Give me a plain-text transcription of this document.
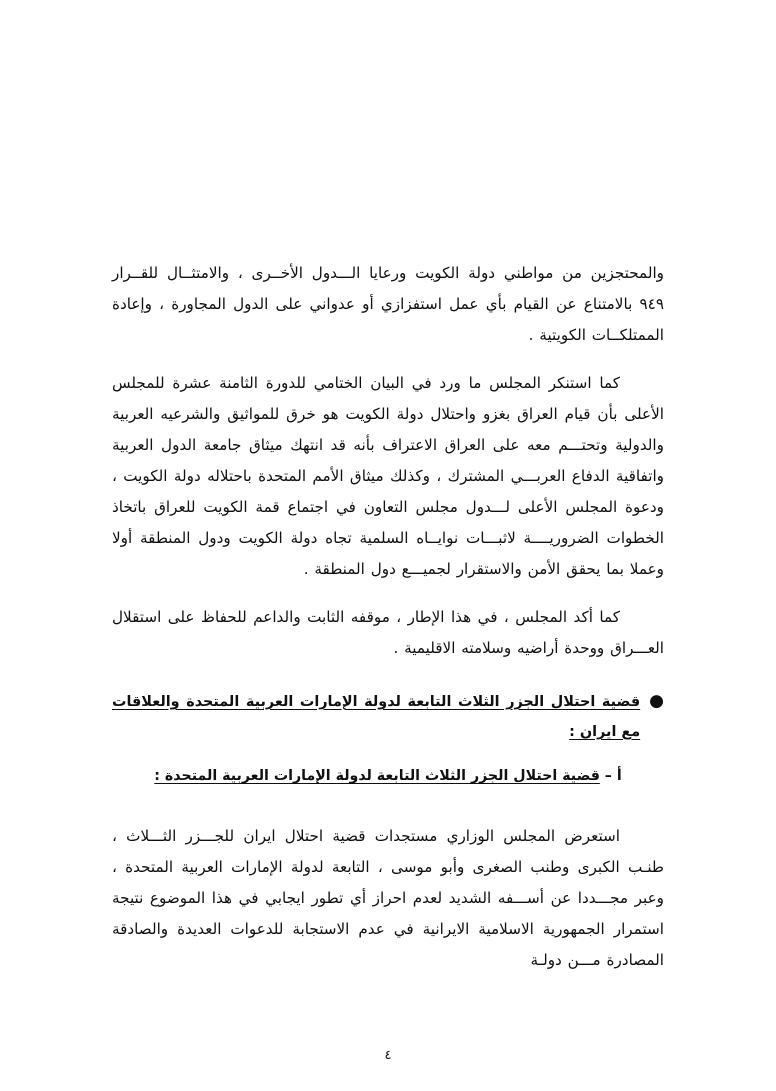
والمحتجزين من مواطني دولة الكويت ورعايا الـــدول الأخــرى ، والامتثــال للقــرار ٩٤٩ بالامتناع عن القيام بأي عمل استفزازي أو عدواني على الدول المجاورة ، وإعادة الممتلكــات الكويتية .

كما استنكر المجلس ما ورد في البيان الختامي للدورة الثامنة عشرة للمجلس الأعلى بأن قيام العراق بغزو واحتلال دولة الكويت هو خرق للمواثيق والشرعيه العربية والدولية وتحتـــم معه على العراق الاعتراف بأنه قد انتهك ميثاق جامعة الدول العربية واتفاقية الدفاع العربـــي المشترك ، وكذلك ميثاق الأمم المتحدة باحتلاله دولة الكويت ، ودعوة المجلس الأعلى لـــدول مجلس التعاون في اجتماع قمة الكويت للعراق باتخاذ الخطوات الضروريــــة لاثبـــات نوايــاه السلمية تجاه دولة الكويت ودول المنطقة أولا وعملا بما يحقق الأمن والاستقرار لجميـــع دول المنطقة .

كما أكد المجلس ، في هذا الإطار ، موقفه الثابت والداعم للحفاظ على استقلال العـــراق ووحدة أراضيه وسلامته الاقليمية .

●
قضية احتلال الجزر الثلاث التابعة لدولة الإمارات العربية المتحدة والعلاقات مع ايران :
أ – قضية احتلال الجزر الثلاث التابعة لدولة الإمارات العربية المتحدة :

استعرض المجلس الوزاري مستجدات قضية احتلال ايران للجـــزر الثـــلاث ، طنـب الكبرى وطنب الصغرى وأبو موسى ، التابعة لدولة الإمارات العربية المتحدة ، وعبر مجـــددا عن أســـفه الشديد لعدم احراز أي تطور ايجابي في هذا الموضوع نتيجة استمرار الجمهورية الاسلامية الايرانية في عدم الاستجابة للدعوات العديدة والصادقة المصادرة مـــن دولـة

٤
